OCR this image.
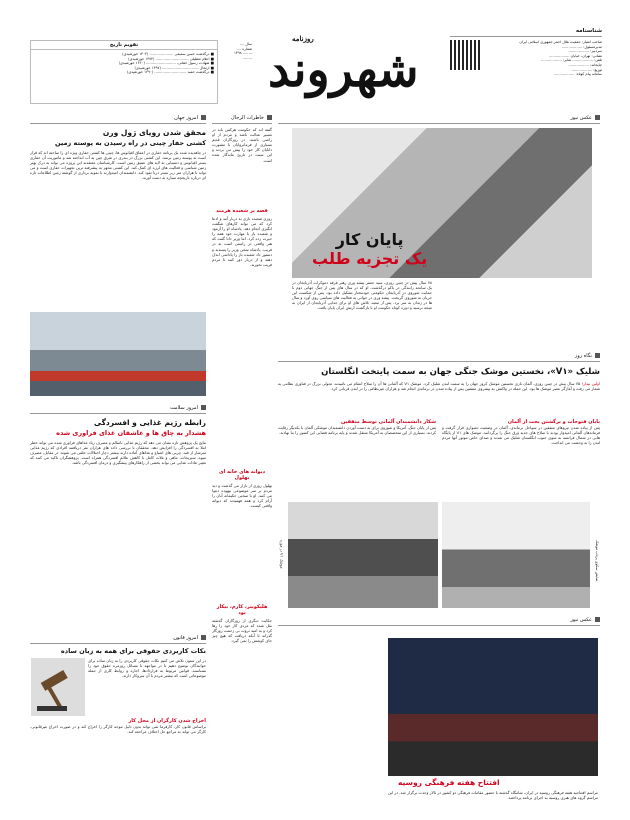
شناسنامه
صاحب امتیاز: جمعیت هلال احمر جمهوری اسلامی ایران
مدیرمسئول: ..................
سردبیر: ..................
نشانی: تهران، خیابان ..................
تلفن: .................. نمابر: ..................
چاپخانه: ..................
توزیع: ..................
سامانه پیام کوتاه: ..................
سال ....
شماره ....
........ ۱۳۹۸
........
روزنامه
شهروند
تقویم تاریخ
■ درگذشت حسن سمیعی ..................... (۱۳۰۳ خورشیدی)
■ اعلام تعطیلی ............................. (۱۳۷۴ خورشیدی)
■ شهادت رسول حقانی، .......................... (۱۳۶۰ خورشیدی)
■ ارتحال ................................ (۱۳۹۷ خورشیدی)
■ درگذشت حمید ............................ (۱۳۹۰ خورشیدی)
امروز جهان
محقق شدن رویای ژول ورن
کشتی حفار چینی در راه رسیدن به پوسته زمین
در چاهدیده شده یک برنامه حفاری در اعماق اقیانوس ها، چینی ها کشتی حفاری ویژه ای را ساخته اند که قرار است به پوسته زمین برسد. این کشتی بزرگ در بندری در شرق چین به آب انداخته شد و ماموریت آن حفاری بستر اقیانوس و دستیابی به لایه های عمیق زمین است. کارشناسان معتقدند این پروژه می تواند به درک بهتر زمین شناسی و فعالیت های لرزه ای کمک کند. این کشتی مجهز به پیشرفته ترین تجهیزات حفاری است و می تواند تا هزاران متر زیر بستر دریا نفوذ کند. دانشمندان امیدوارند با نمونه برداری از گوشته زمین اطلاعات تازه ای درباره تاریخچه سیاره به دست آورند.
امروز سلامت
رابطه رژیم غذایی و افسردگی
هشدار به چاق ها و عاشقان غذای فراوری شده
نتایج یک پژوهش تازه نشان می دهد که رژیم غذایی ناسالم و مصرف زیاد غذاهای فراوری شده می تواند خطر ابتلا به افسردگی را افزایش دهد. محققان با بررسی داده های هزاران نفر دریافتند افرادی که رژیم غذایی سرشار از قند، چربی های اشباع و غذاهای آماده دارند بیشتر دچار اختلالات خلقی می شوند. در مقابل، مصرف میوه، سبزیجات، ماهی و غلات کامل با کاهش علائم افسردگی همراه است. پژوهشگران تاکید می کنند که تغییر عادات غذایی می تواند بخشی از راهکارهای پیشگیری و درمان افسردگی باشد.
امروز قانون
نکات کاربردی حقوقی برای همه به زبان ساده
در این ستون تلاش می کنیم نکات حقوقی کاربردی را به زبان ساده برای خوانندگان توضیح دهیم تا در مواجهه با مسائل روزمره حقوق خود را بشناسند. قوانین مربوط به قراردادها، اجاره و روابط کاری از جمله موضوعاتی است که بیشتر مردم با آن سروکار دارند.
اخراج شدن کارگران از محل کار
براساس قانون کار، کارفرما نمی تواند بدون دلیل موجه کارگر را اخراج کند و در صورت اخراج غیرقانونی، کارگر می تواند به مراجع حل اختلاف مراجعه کند.
خاطرات الرجال
گفته اند که حکومت هرکس باید در مسیر عدالت باشد و مردم از او راضی باشند. در روزگاران قدیم بسیاری از فرمانروایان با مشورت دانایان کار خود را پیش می بردند و این سنت در تاریخ ماندگار شده است.
قصه بر شعبده هرمند
روزی شعبده بازی به دربار آمد و ادعا کرد که می تواند کارهای شگفت انگیزی انجام دهد. پادشاه او را آزمود و شعبده باز با مهارت خود همه را حیرت زده کرد. اما وزیر دانا گفت که هنر واقعی در راستی است نه در فریب. پادشاه سخن وزیر را پسندید و دستور داد شعبده باز را پاداشی اندک دهند و از دربار دور کنند تا مردم فریب نخورند.
دیوانه های خانه ای بهلول
بهلول روزی از بازار می گذشت و دید مردم بر سر موضوعی بیهوده دعوا می کنند. او با سخنی حکیمانه آنان را آرام کرد و همه فهمیدند که دیوانه واقعی کیست.
هلیکوپتر، کارم، بیکار بود
حکایت دیگری از روزگاران گذشته نقل شده که مردی کار خود را رها کرد و به امید ثروت بی زحمت روزگار گذراند تا آنکه دریافت که هیچ چیز جای کوشش را نمی گیرد.
عکس نیوز
پایان کار
یک تجزیه طلب
۷۸ سال پیش در چنین روزی، سید جعفر پیشه وری رهبر فرقه دموکرات آذربایجان در یک سانحه رانندگی در باکو درگذشت. او که در سال های پس از جنگ جهانی دوم با حمایت شوروی در آذربایجان حکومتی خودمختار تشکیل داده بود، پس از شکست این جریان به شوروی گریخت. پیشه وری در جوانی به فعالیت های سیاسی روی آورد و سال ها در زندان به سر برد. پس از تبعید، تلاش های او برای جدایی آذربایجان از ایران به نتیجه نرسید و دوره کوتاه حکومت او با بازگشت ارتش ایران پایان یافت.
نگاه روز
شلیک «V۱»، نخستین موشک جنگی جهان به سمت پایتخت انگلستان
اولین بیدار! ۷۵ سال پیش در چنین روزی، آلمان نازی نخستین موشک کروز جهان را به سمت لندن شلیک کرد. موشک V۱ که آلمانی ها آن را سلاح انتقام می نامیدند، تحولی بزرگ در فناوری نظامی به شمار می رفت و آغازگر عصر موشک ها بود. این حمله در واکنش به پیشروی متفقین پس از پیاده شدن در نرماندی انجام شد و هزاران غیرنظامی را در لندن قربانی کرد.
پایان فتوحات و برگشتن بخت از آلمان
پس از پیاده شدن نیروهای متفقین در سواحل نرماندی، آلمان در وضعیت دشواری قرار گرفت و فرماندهان آلمانی امیدوار بودند با سلاح های جدید ورق جنگ را برگردانند. موشک های V۱ از پایگاه هایی در شمال فرانسه به سوی جنوب انگلستان شلیک می شدند و صدای خاص موتور آنها مردم لندن را به وحشت می انداخت.
شکار دانشمندان آلمانی توسط متفقین
پس از پایان جنگ، آمریکا و شوروی برای به دست آوردن دانشمندان موشکی آلمان با یکدیگر رقابت کردند. بسیاری از این متخصصان به آمریکا منتقل شدند و پایه برنامه فضایی این کشور را بنا نهادند.
موشک V۱ در موزه	نمایش سکوی پرتاب موشک
عکس نیوز
افتتاح هفته فرهنگی روسیه
مراسم افتتاحیه هفته فرهنگی روسیه در ایران، شامگاه گذشته با حضور مقامات فرهنگی دو کشور در تالار وحدت برگزار شد. در این مراسم گروه های هنری روسیه به اجرای برنامه پرداختند.
